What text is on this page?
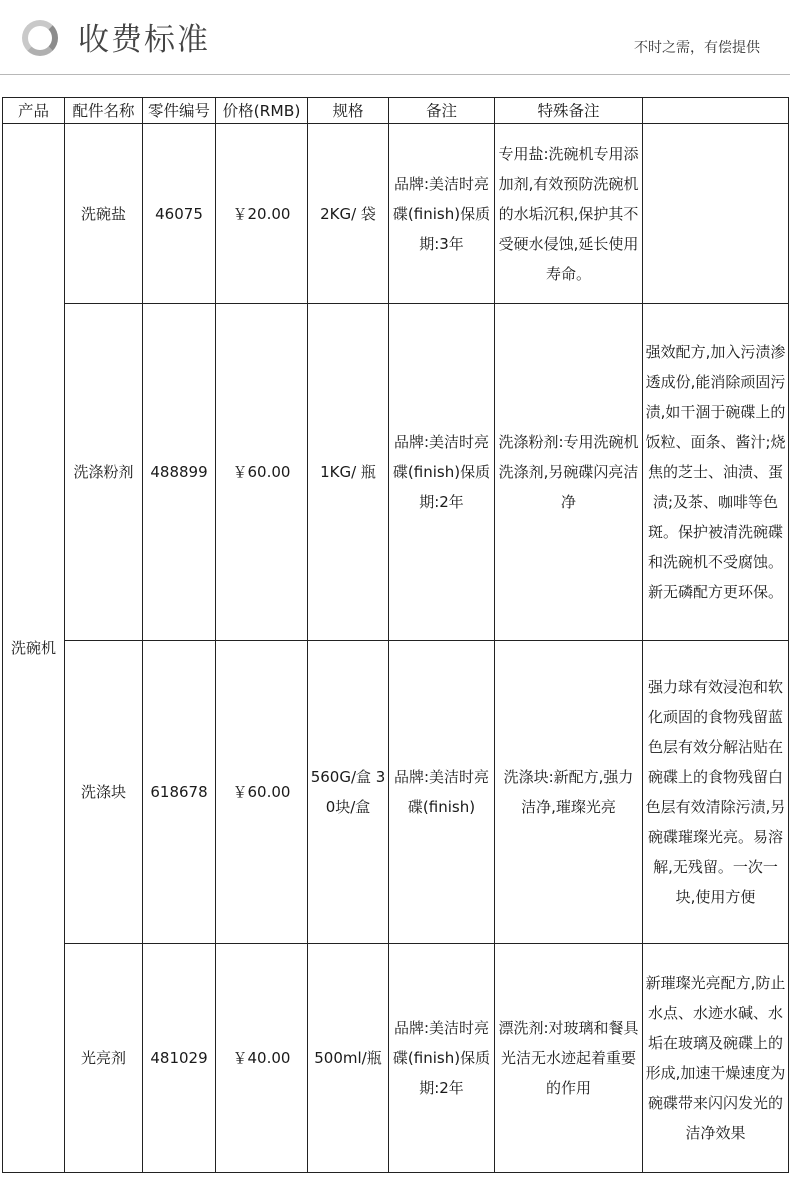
收费标准	不时之需，有偿提供
产品	配件名称	零件编号	价格(RMB)	规格	备注	特殊备注	
洗碗机	洗碗盐	46075	￥20.00	2KG/ 袋	品牌:美洁时亮碟(finish)保质期:3年	专用盐:洗碗机专用添加剂,有效预防洗碗机的水垢沉积,保护其不受硬水侵蚀,延长使用寿命。	
	洗涤粉剂	488899	￥60.00	1KG/ 瓶	品牌:美洁时亮碟(finish)保质期:2年	洗涤粉剂:专用洗碗机洗涤剂,另碗碟闪亮洁净	强效配方,加入污渍渗透成份,能消除顽固污渍,如干涸于碗碟上的饭粒、面条、酱汁;烧焦的芝士、油渍、蛋渍;及茶、咖啡等色斑。保护被清洗碗碟和洗碗机不受腐蚀。新无磷配方更环保。
	洗涤块	618678	￥60.00	560G/盒 30块/盒	品牌:美洁时亮碟(finish)	洗涤块:新配方,强力洁净,璀璨光亮	强力球有效浸泡和软化顽固的食物残留蓝色层有效分解沾贴在碗碟上的食物残留白色层有效清除污渍,另碗碟璀璨光亮。易溶解,无残留。一次一块,使用方便
	光亮剂	481029	￥40.00	500ml/瓶	品牌:美洁时亮碟(finish)保质期:2年	漂洗剂:对玻璃和餐具光洁无水迹起着重要的作用	新璀璨光亮配方,防止水点、水迹水碱、水垢在玻璃及碗碟上的形成,加速干燥速度为碗碟带来闪闪发光的洁净效果
